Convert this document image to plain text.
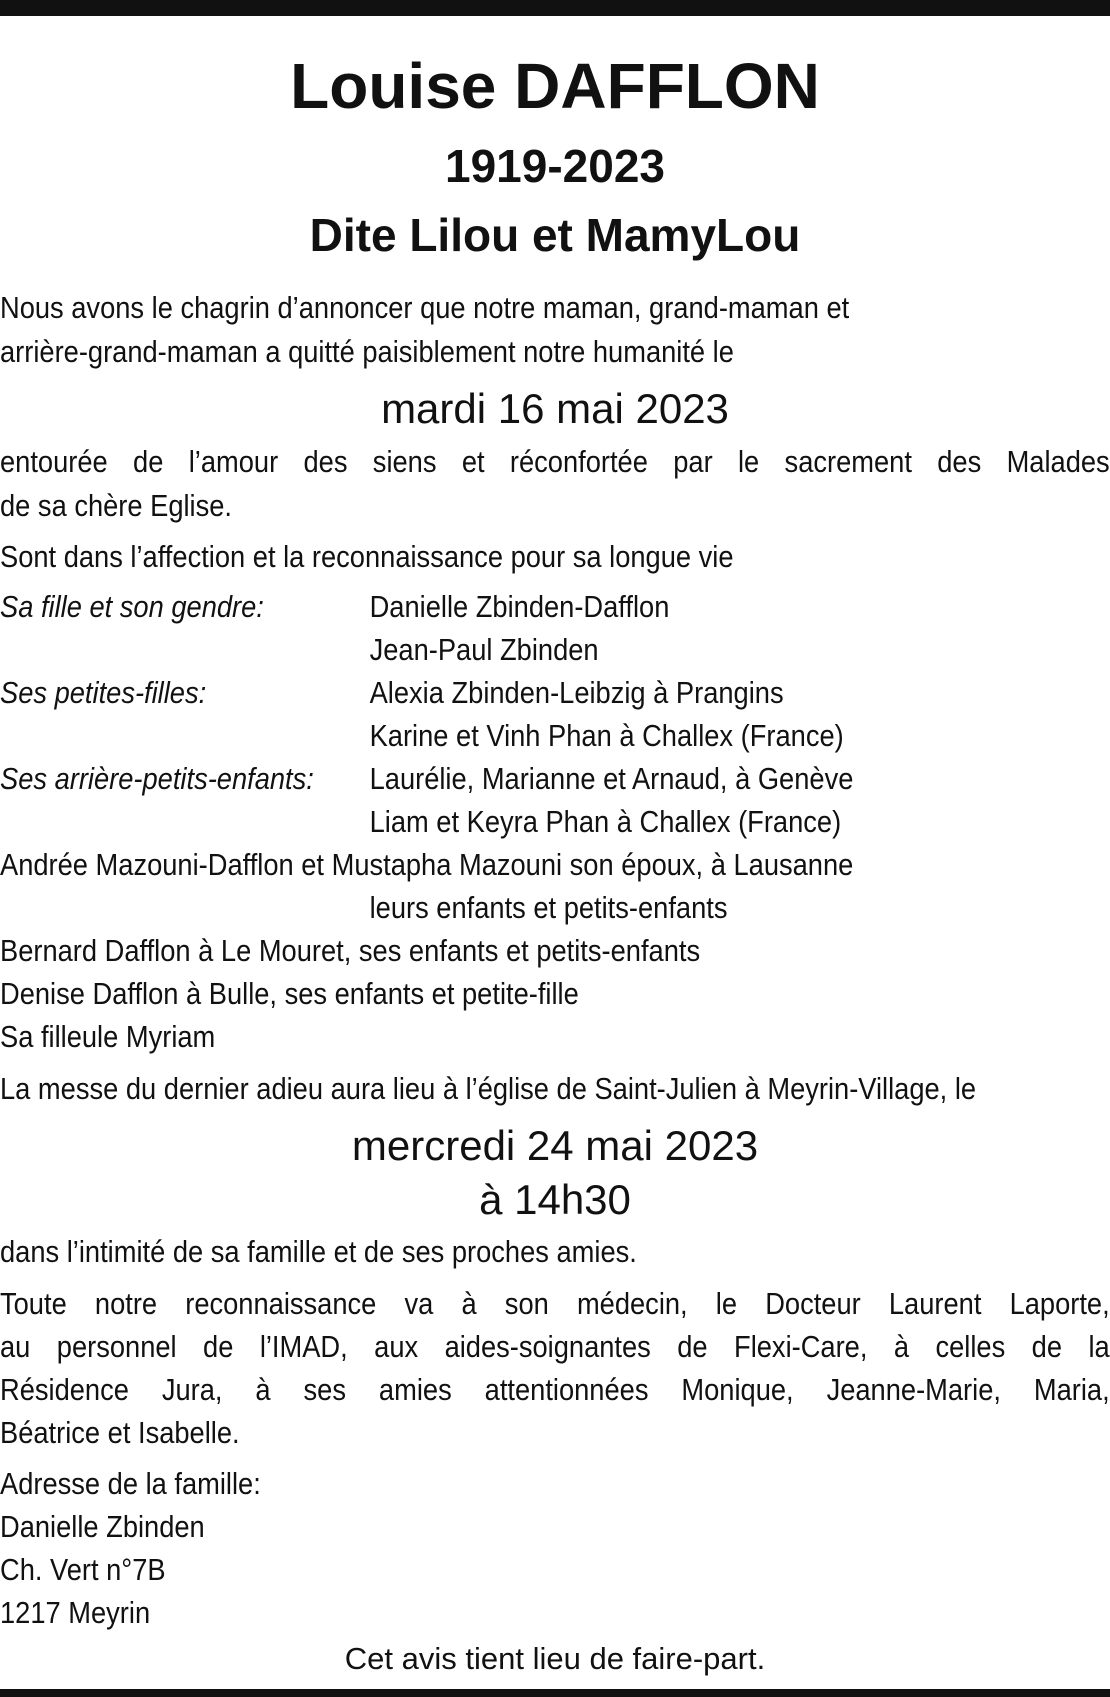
Louise DAFFLON
1919-2023
Dite Lilou et MamyLou
Nous avons le chagrin d’annoncer que notre maman, grand-maman et
arrière-grand-maman a quitté paisiblement notre humanité le
mardi 16 mai 2023
entourée de l’amour des siens et réconfortée par le sacrement des Malades
de sa chère Eglise.
Sont dans l’affection et la reconnaissance pour sa longue vie
Sa fille et son gendre:	Danielle Zbinden-Dafflon
Jean-Paul Zbinden
Ses petites-filles:	Alexia Zbinden-Leibzig à Prangins
Karine et Vinh Phan à Challex (France)
Ses arrière-petits-enfants: Laurélie, Marianne et Arnaud, à Genève
Liam et Keyra Phan à Challex (France)
Andrée Mazouni-Dafflon et Mustapha Mazouni son époux, à Lausanne
leurs enfants et petits-enfants
Bernard Dafflon à Le Mouret, ses enfants et petits-enfants
Denise Dafflon à Bulle, ses enfants et petite-fille
Sa filleule Myriam
La messe du dernier adieu aura lieu à l’église de Saint-Julien à Meyrin-Village, le
mercredi 24 mai 2023
à 14h30
dans l’intimité de sa famille et de ses proches amies.
Toute notre reconnaissance va à son médecin, le Docteur Laurent Laporte,
au personnel de l’IMAD, aux aides-soignantes de Flexi-Care, à celles de la
Résidence Jura, à ses amies attentionnées Monique, Jeanne-Marie, Maria,
Béatrice et Isabelle.
Adresse de la famille:
Danielle Zbinden
Ch. Vert n°7B
1217 Meyrin
Cet avis tient lieu de faire-part.
